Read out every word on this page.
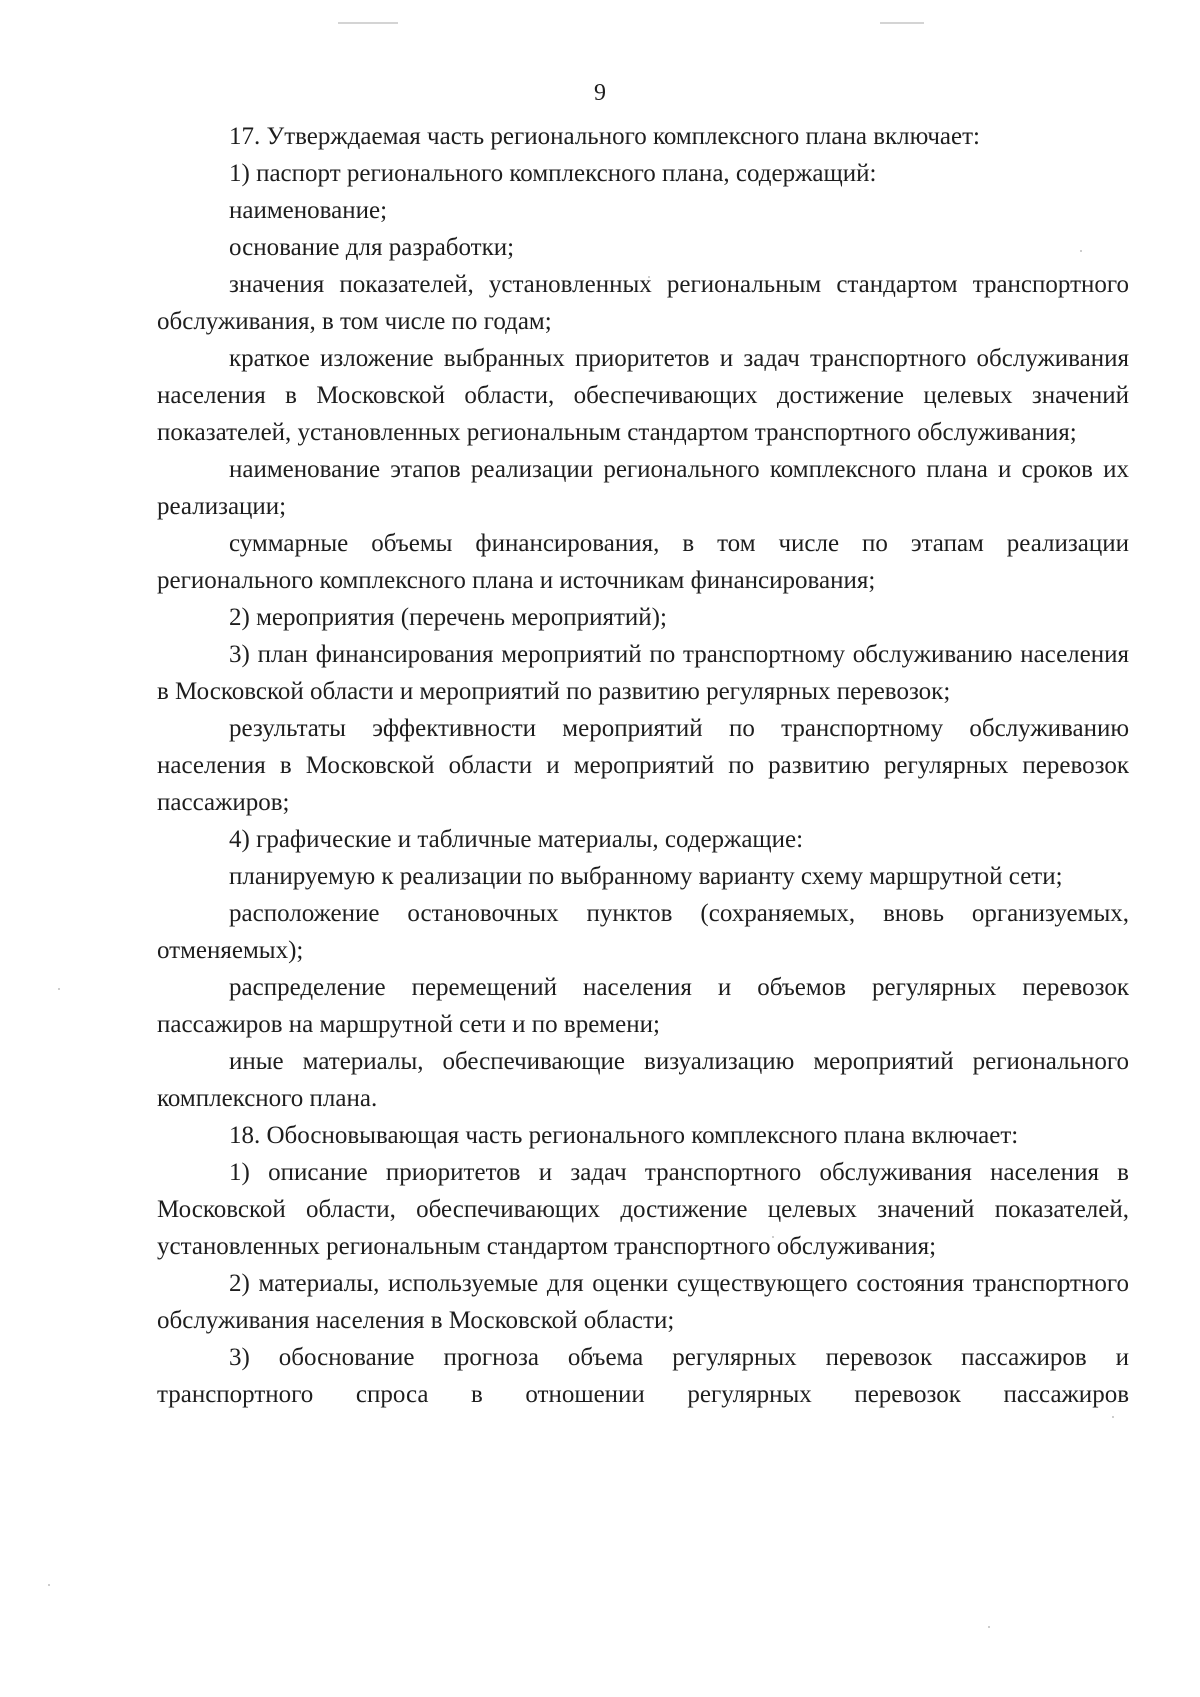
9

17. Утверждаемая часть регионального комплексного плана включает:

1) паспорт регионального комплексного плана, содержащий:

наименование;

основание для разработки;

значения показателей, установленных региональным стандартом транспортного обслуживания, в том числе по годам;

краткое изложение выбранных приоритетов и задач транспортного обслуживания населения в Московской области, обеспечивающих достижение целевых значений показателей, установленных региональным стандартом транспортного обслуживания;

наименование этапов реализации регионального комплексного плана и сроков их реализации;

суммарные объемы финансирования, в том числе по этапам реализации регионального комплексного плана и источникам финансирования;

2) мероприятия (перечень мероприятий);

3) план финансирования мероприятий по транспортному обслуживанию населения в Московской области и мероприятий по развитию регулярных перевозок;

результаты эффективности мероприятий по транспортному обслуживанию населения в Московской области и мероприятий по развитию регулярных перевозок пассажиров;

4) графические и табличные материалы, содержащие:

планируемую к реализации по выбранному варианту схему маршрутной сети;

расположение остановочных пунктов (сохраняемых, вновь организуемых, отменяемых);

распределение перемещений населения и объемов регулярных перевозок пассажиров на маршрутной сети и по времени;

иные материалы, обеспечивающие визуализацию мероприятий регионального комплексного плана.

18. Обосновывающая часть регионального комплексного плана включает:

1) описание приоритетов и задач транспортного обслуживания населения в Московской области, обеспечивающих достижение целевых значений показателей, установленных региональным стандартом транспортного обслуживания;

2) материалы, используемые для оценки существующего состояния транспортного обслуживания населения в Московской области;

3) обоснование прогноза объема регулярных перевозок пассажиров и транспортного спроса в отношении регулярных перевозок пассажиров
